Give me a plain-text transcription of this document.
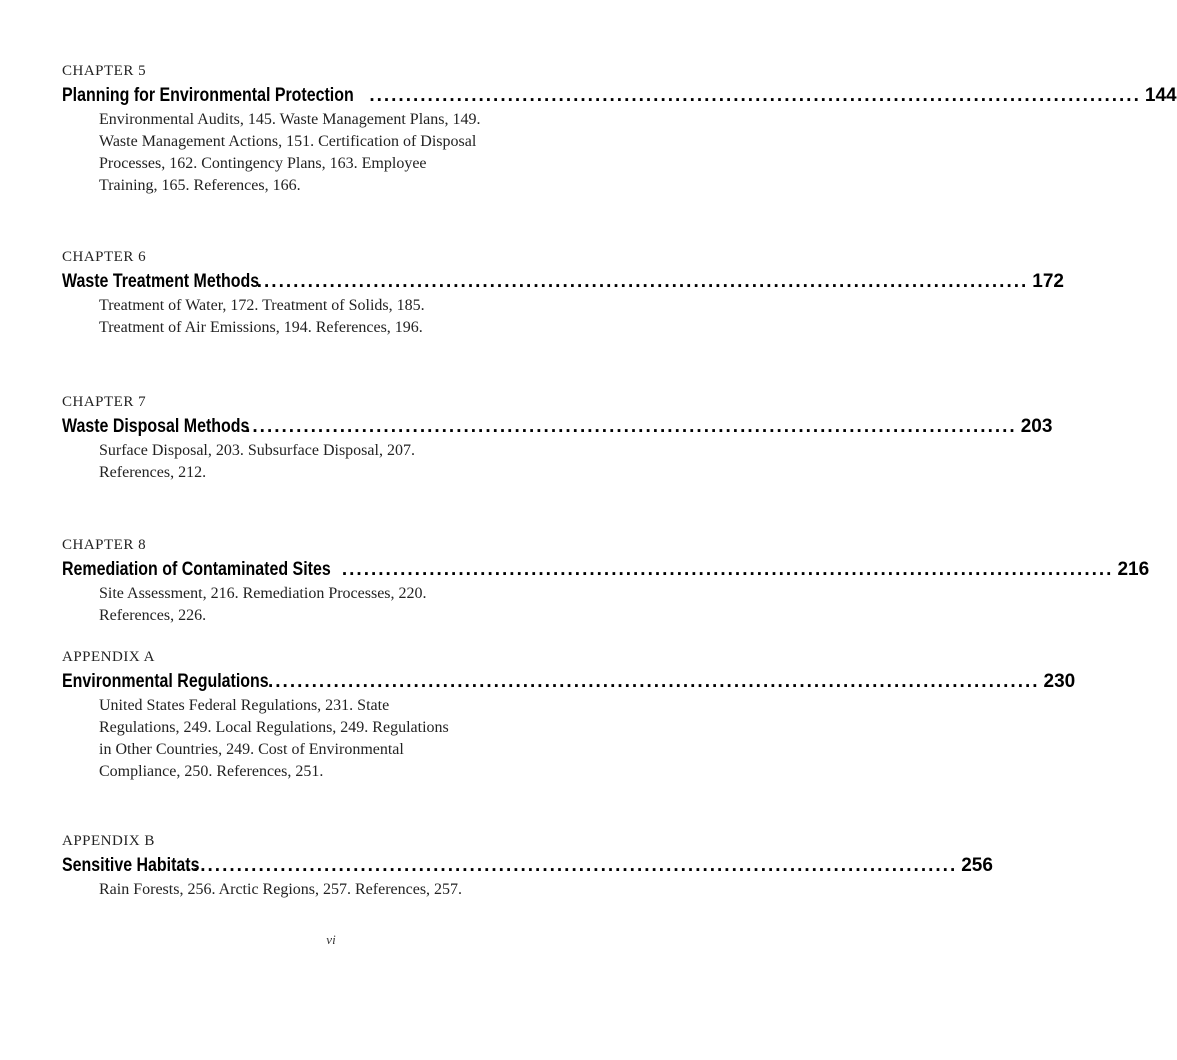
CHAPTER 5
Planning for Environmental Protection .......................................................................................................... 144
Environmental Audits, 145. Waste Management Plans, 149.
Waste Management Actions, 151. Certification of Disposal
Processes, 162. Contingency Plans, 163. Employee
Training, 165. References, 166.
CHAPTER 6
Waste Treatment Methods
.......................................................................................................... 172
Treatment of Water, 172. Treatment of Solids, 185.
Treatment of Air Emissions, 194. References, 196.
CHAPTER 7
Waste Disposal Methods
.......................................................................................................... 203
Surface Disposal, 203. Subsurface Disposal, 207.
References, 212.
CHAPTER 8
Remediation of Contaminated Sites .......................................................................................................... 216
Site Assessment, 216. Remediation Processes, 220.
References, 226.
APPENDIX A
Environmental Regulations .......................................................................................................... 230
United States Federal Regulations, 231. State
Regulations, 249. Local Regulations, 249. Regulations
in Other Countries, 249. Cost of Environmental
Compliance, 250. References, 251.
APPENDIX B
Sensitive Habitats
.......................................................................................................... 256
Rain Forests, 256. Arctic Regions, 257. References, 257.
vi
